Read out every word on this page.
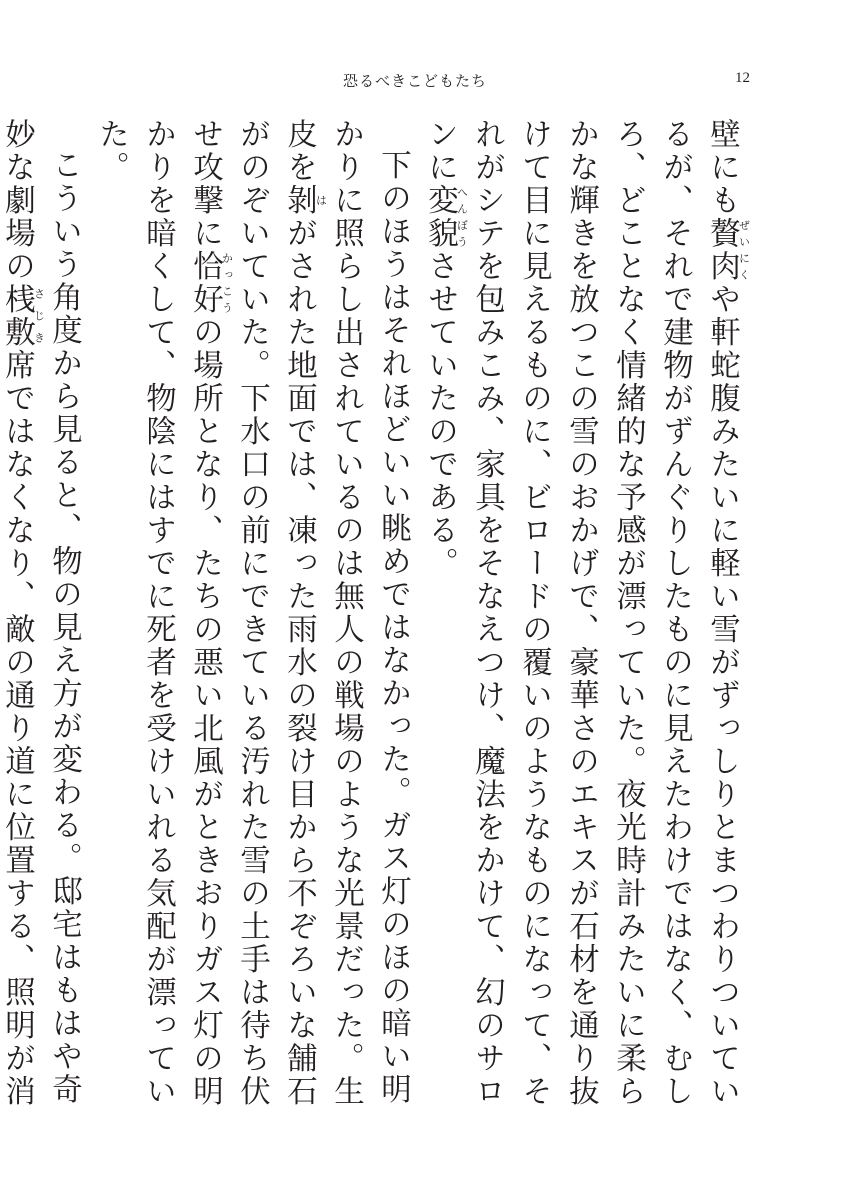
恐るべきこどもたち	12

壁にも贅肉ぜいにくや軒蛇腹みたいに軽い雪がずっしりとまつわりついているが、それで建物がずんぐりしたものに見えたわけではなく、むしろ、どことなく情緒的な予感が漂っていた。夜光時計みたいに柔らかな輝きを放つこの雪のおかげで、豪華さのエキスが石材を通り抜けて目に見えるものに、ビロードの覆いのようなものになって、それがシテを包みこみ、家具をそなえつけ、魔法をかけて、幻のサロンに変貌へんぼうさせていたのである。

下のほうはそれほどいい眺めではなかった。ガス灯のほの暗い明かりに照らし出されているのは無人の戦場のような光景だった。生皮を剝はがされた地面では、凍った雨水の裂け目から不ぞろいな舗石がのぞいていた。下水口の前にできている汚れた雪の土手は待ち伏せ攻撃に恰好かっこうの場所となり、たちの悪い北風がときおりガス灯の明かりを暗くして、物陰にはすでに死者を受けいれる気配が漂っていた。

こういう角度から見ると、物の見え方が変わる。邸宅はもはや奇妙な劇場の桟敷さじき席ではなくなり、敵の通り道に位置する、照明が消
